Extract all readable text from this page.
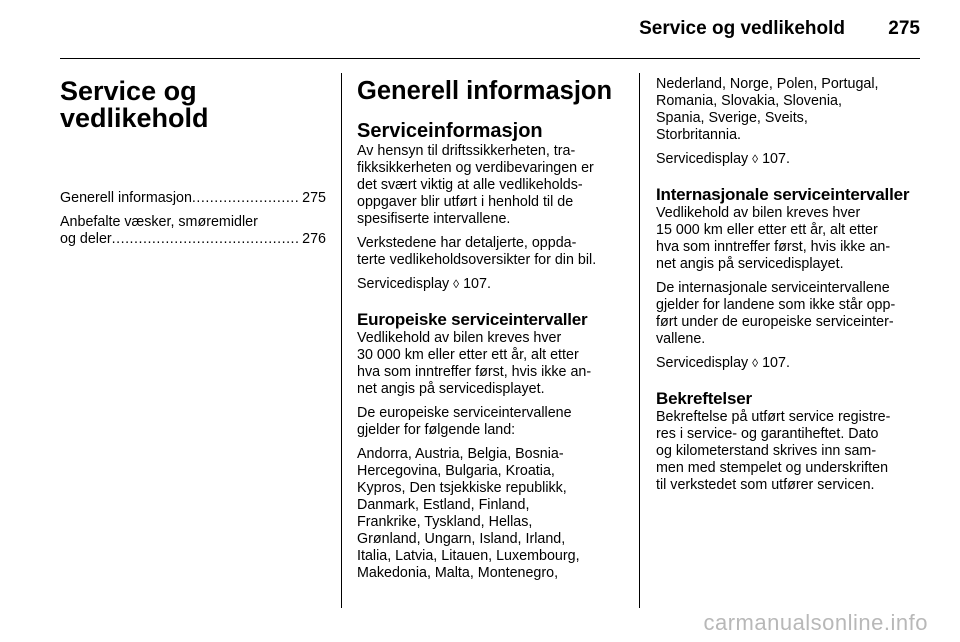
Service og vedlikehold 275
Service og
vedlikehold
Generell informasjon .....	275
Anbefalte væsker, smøremidler
og deler .....	276
Generell informasjon
Serviceinformasjon

Av hensyn til driftssikkerheten, tra-
fikksikkerheten og verdibevaringen er
det svært viktig at alle vedlikeholds-
oppgaver blir utført i henhold til de
spesifiserte intervallene.

Verkstedene har detaljerte, oppda-
terte vedlikeholdsoversikter for din bil.

Servicedisplay ◊ 107.

Europeiske serviceintervaller

Vedlikehold av bilen kreves hver
30 000 km eller etter ett år, alt etter
hva som inntreffer først, hvis ikke an-
net angis på servicedisplayet.

De europeiske serviceintervallene
gjelder for følgende land:

Andorra, Austria, Belgia, Bosnia-
Hercegovina, Bulgaria, Kroatia,
Kypros, Den tsjekkiske republikk,
Danmark, Estland, Finland,
Frankrike, Tyskland, Hellas,
Grønland, Ungarn, Island, Irland,
Italia, Latvia, Litauen, Luxembourg,
Makedonia, Malta, Montenegro,

Nederland, Norge, Polen, Portugal,
Romania, Slovakia, Slovenia,
Spania, Sverige, Sveits,
Storbritannia.

Servicedisplay ◊ 107.

Internasjonale serviceintervaller

Vedlikehold av bilen kreves hver
15 000 km eller etter ett år, alt etter
hva som inntreffer først, hvis ikke an-
net angis på servicedisplayet.

De internasjonale serviceintervallene
gjelder for landene som ikke står opp-
ført under de europeiske serviceinter-
vallene.

Servicedisplay ◊ 107.

Bekreftelser

Bekreftelse på utført service registre-
res i service- og garantiheftet. Dato
og kilometerstand skrives inn sam-
men med stempelet og underskriften
til verkstedet som utfører servicen.

carmanualsonline.info
